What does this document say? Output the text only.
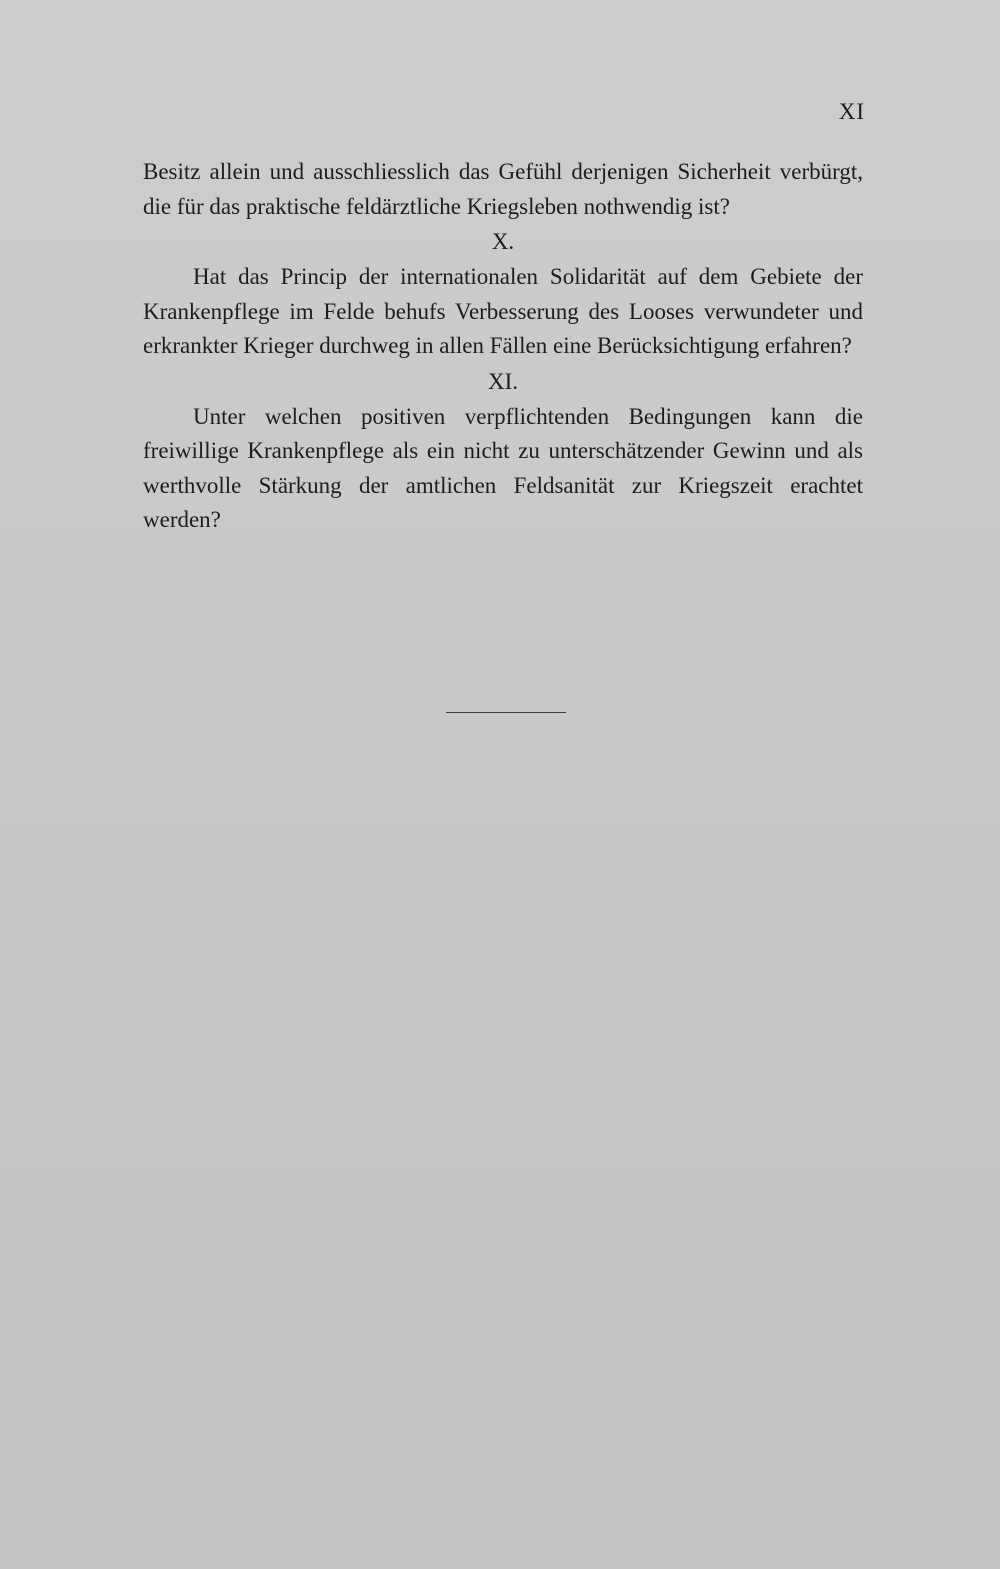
XI

Besitz allein und ausschliesslich das Gefühl derjenigen Sicherheit verbürgt, die für das praktische feldärztliche Kriegsleben nothwendig ist?

X.

Hat das Princip der internationalen Solidarität auf dem Gebiete der Krankenpflege im Felde behufs Verbesserung des Looses verwundeter und erkrankter Krieger durchweg in allen Fällen eine Berücksichtigung erfahren?

XI.

Unter welchen positiven verpflichtenden Bedingungen kann die freiwillige Krankenpflege als ein nicht zu unterschätzender Gewinn und als werthvolle Stärkung der amtlichen Feldsanität zur Kriegszeit erachtet werden?
